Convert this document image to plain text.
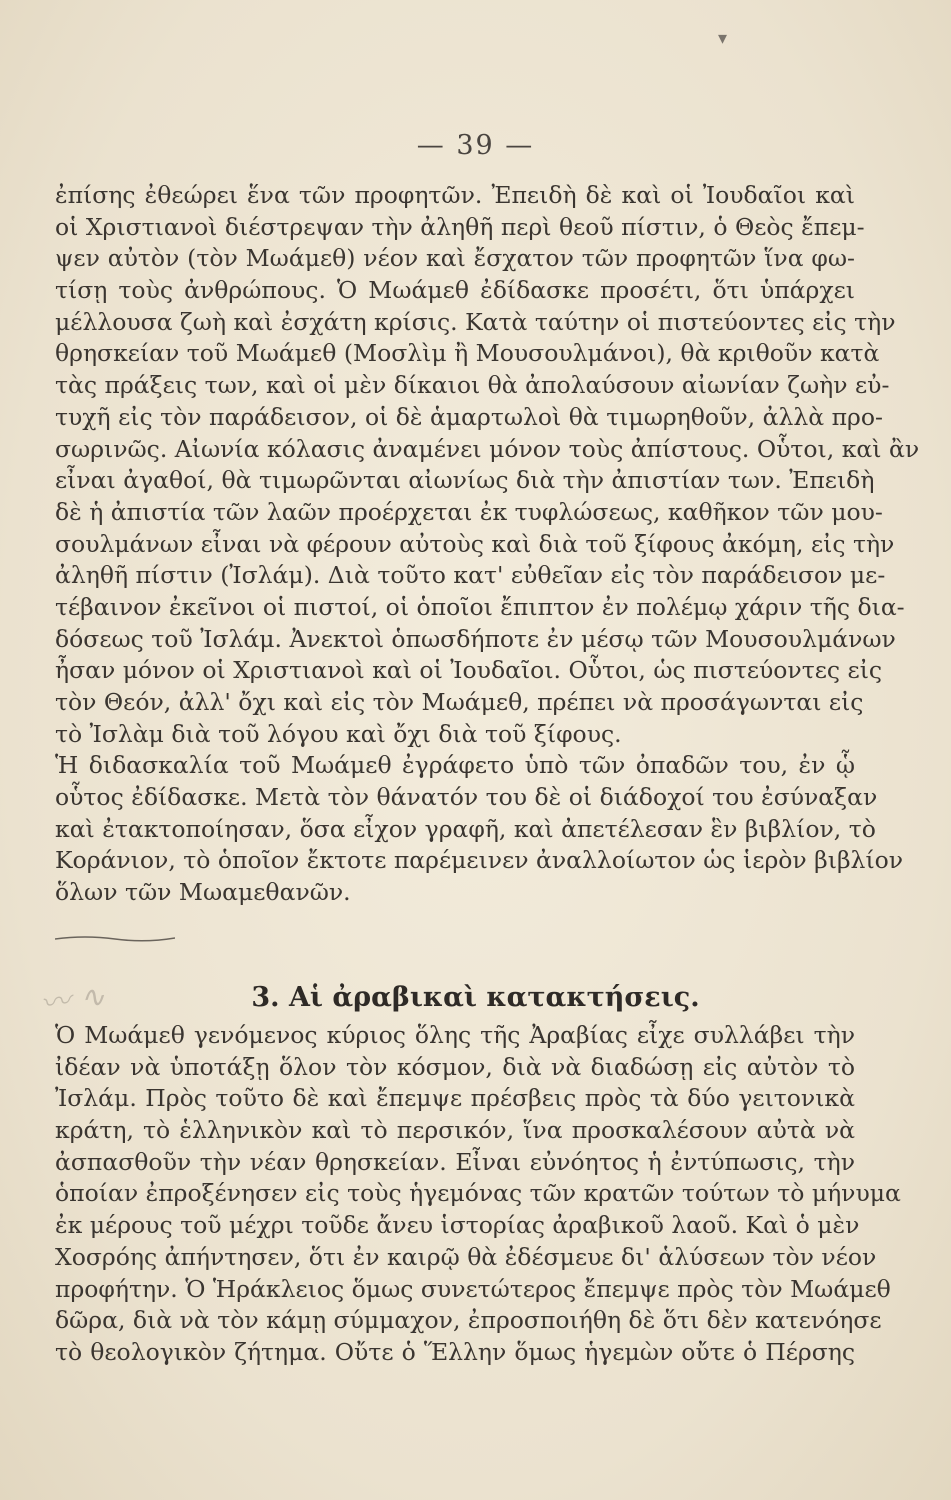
▾
— 39 —
ἐπίσης ἐθεώρει ἕνα τῶν προφητῶν. Ἐπειδὴ δὲ καὶ οἱ Ἰουδαῖοι καὶ
οἱ Χριστιανοὶ διέστρεψαν τὴν ἀληθῆ περὶ θεοῦ πίστιν, ὁ Θεὸς ἔπεμ-
ψεν αὐτὸν (τὸν Μωάμεθ) νέον καὶ ἔσχατον τῶν προφητῶν ἵνα φω-
τίσῃ τοὺς ἀνθρώπους. Ὁ Μωάμεθ ἐδίδασκε προσέτι, ὅτι ὑπάρχει
μέλλουσα ζωὴ καὶ ἐσχάτη κρίσις. Κατὰ ταύτην οἱ πιστεύοντες εἰς τὴν
θρησκείαν τοῦ Μωάμεθ (Μοσλὶμ ἢ Μουσουλμάνοι), θὰ κριθοῦν κατὰ
τὰς πράξεις των, καὶ οἱ μὲν δίκαιοι θὰ ἀπολαύσουν αἰωνίαν ζωὴν εὐ-
τυχῆ εἰς τὸν παράδεισον, οἱ δὲ ἁμαρτωλοὶ θὰ τιμωρηθοῦν, ἀλλὰ προ-
σωρινῶς. Αἰωνία κόλασις ἀναμένει μόνον τοὺς ἀπίστους. Οὗτοι, καὶ ἂν
εἶναι ἀγαθοί, θὰ τιμωρῶνται αἰωνίως διὰ τὴν ἀπιστίαν των. Ἐπειδὴ
δὲ ἡ ἀπιστία τῶν λαῶν προέρχεται ἐκ τυφλώσεως, καθῆκον τῶν μου-
σουλμάνων εἶναι νὰ φέρουν αὐτοὺς καὶ διὰ τοῦ ξίφους ἀκόμη, εἰς τὴν
ἀληθῆ πίστιν (Ἰσλάμ). Διὰ τοῦτο κατ' εὐθεῖαν εἰς τὸν παράδεισον με-
τέβαινον ἐκεῖνοι οἱ πιστοί, οἱ ὁποῖοι ἔπιπτον ἐν πολέμῳ χάριν τῆς δια-
δόσεως τοῦ Ἰσλάμ. Ἀνεκτοὶ ὁπωσδήποτε ἐν μέσῳ τῶν Μουσουλμάνων
ἦσαν μόνον οἱ Χριστιανοὶ καὶ οἱ Ἰουδαῖοι. Οὗτοι, ὡς πιστεύοντες εἰς
τὸν Θεόν, ἀλλ' ὄχι καὶ εἰς τὸν Μωάμεθ, πρέπει νὰ προσάγωνται εἰς
τὸ Ἰσλὰμ διὰ τοῦ λόγου καὶ ὄχι διὰ τοῦ ξίφους.
Ἡ διδασκαλία τοῦ Μωάμεθ ἐγράφετο ὑπὸ τῶν ὀπαδῶν του, ἐν ᾧ
οὗτος ἐδίδασκε. Μετὰ τὸν θάνατόν του δὲ οἱ διάδοχοί του ἐσύναξαν
καὶ ἐτακτοποίησαν, ὅσα εἶχον γραφῆ, καὶ ἀπετέλεσαν ἓν βιβλίον, τὸ
Κοράνιον, τὸ ὁποῖον ἔκτοτε παρέμεινεν ἀναλλοίωτον ὡς ἱερὸν βιβλίον
ὅλων τῶν Μωαμεθανῶν.
〰 ∿	3. Αἱ ἀραβικαὶ κατακτήσεις.
Ὁ Μωάμεθ γενόμενος κύριος ὅλης τῆς Ἀραβίας εἶχε συλλάβει τὴν
ἰδέαν νὰ ὑποτάξῃ ὅλον τὸν κόσμον, διὰ νὰ διαδώσῃ εἰς αὐτὸν τὸ
Ἰσλάμ. Πρὸς τοῦτο δὲ καὶ ἔπεμψε πρέσβεις πρὸς τὰ δύο γειτονικὰ
κράτη, τὸ ἑλληνικὸν καὶ τὸ περσικόν, ἵνα προσκαλέσουν αὐτὰ νὰ
ἀσπασθοῦν τὴν νέαν θρησκείαν. Εἶναι εὐνόητος ἡ ἐντύπωσις, τὴν
ὁποίαν ἐπροξένησεν εἰς τοὺς ἡγεμόνας τῶν κρατῶν τούτων τὸ μήνυμα
ἐκ μέρους τοῦ μέχρι τοῦδε ἄνευ ἱστορίας ἀραβικοῦ λαοῦ. Καὶ ὁ μὲν
Χοσρόης ἀπήντησεν, ὅτι ἐν καιρῷ θὰ ἐδέσμευε δι' ἁλύσεων τὸν νέον
προφήτην. Ὁ Ἡράκλειος ὅμως συνετώτερος ἔπεμψε πρὸς τὸν Μωάμεθ
δῶρα, διὰ νὰ τὸν κάμῃ σύμμαχον, ἐπροσποιήθη δὲ ὅτι δὲν κατενόησε
τὸ θεολογικὸν ζήτημα. Οὔτε ὁ Ἕλλην ὅμως ἡγεμὼν οὔτε ὁ Πέρσης
